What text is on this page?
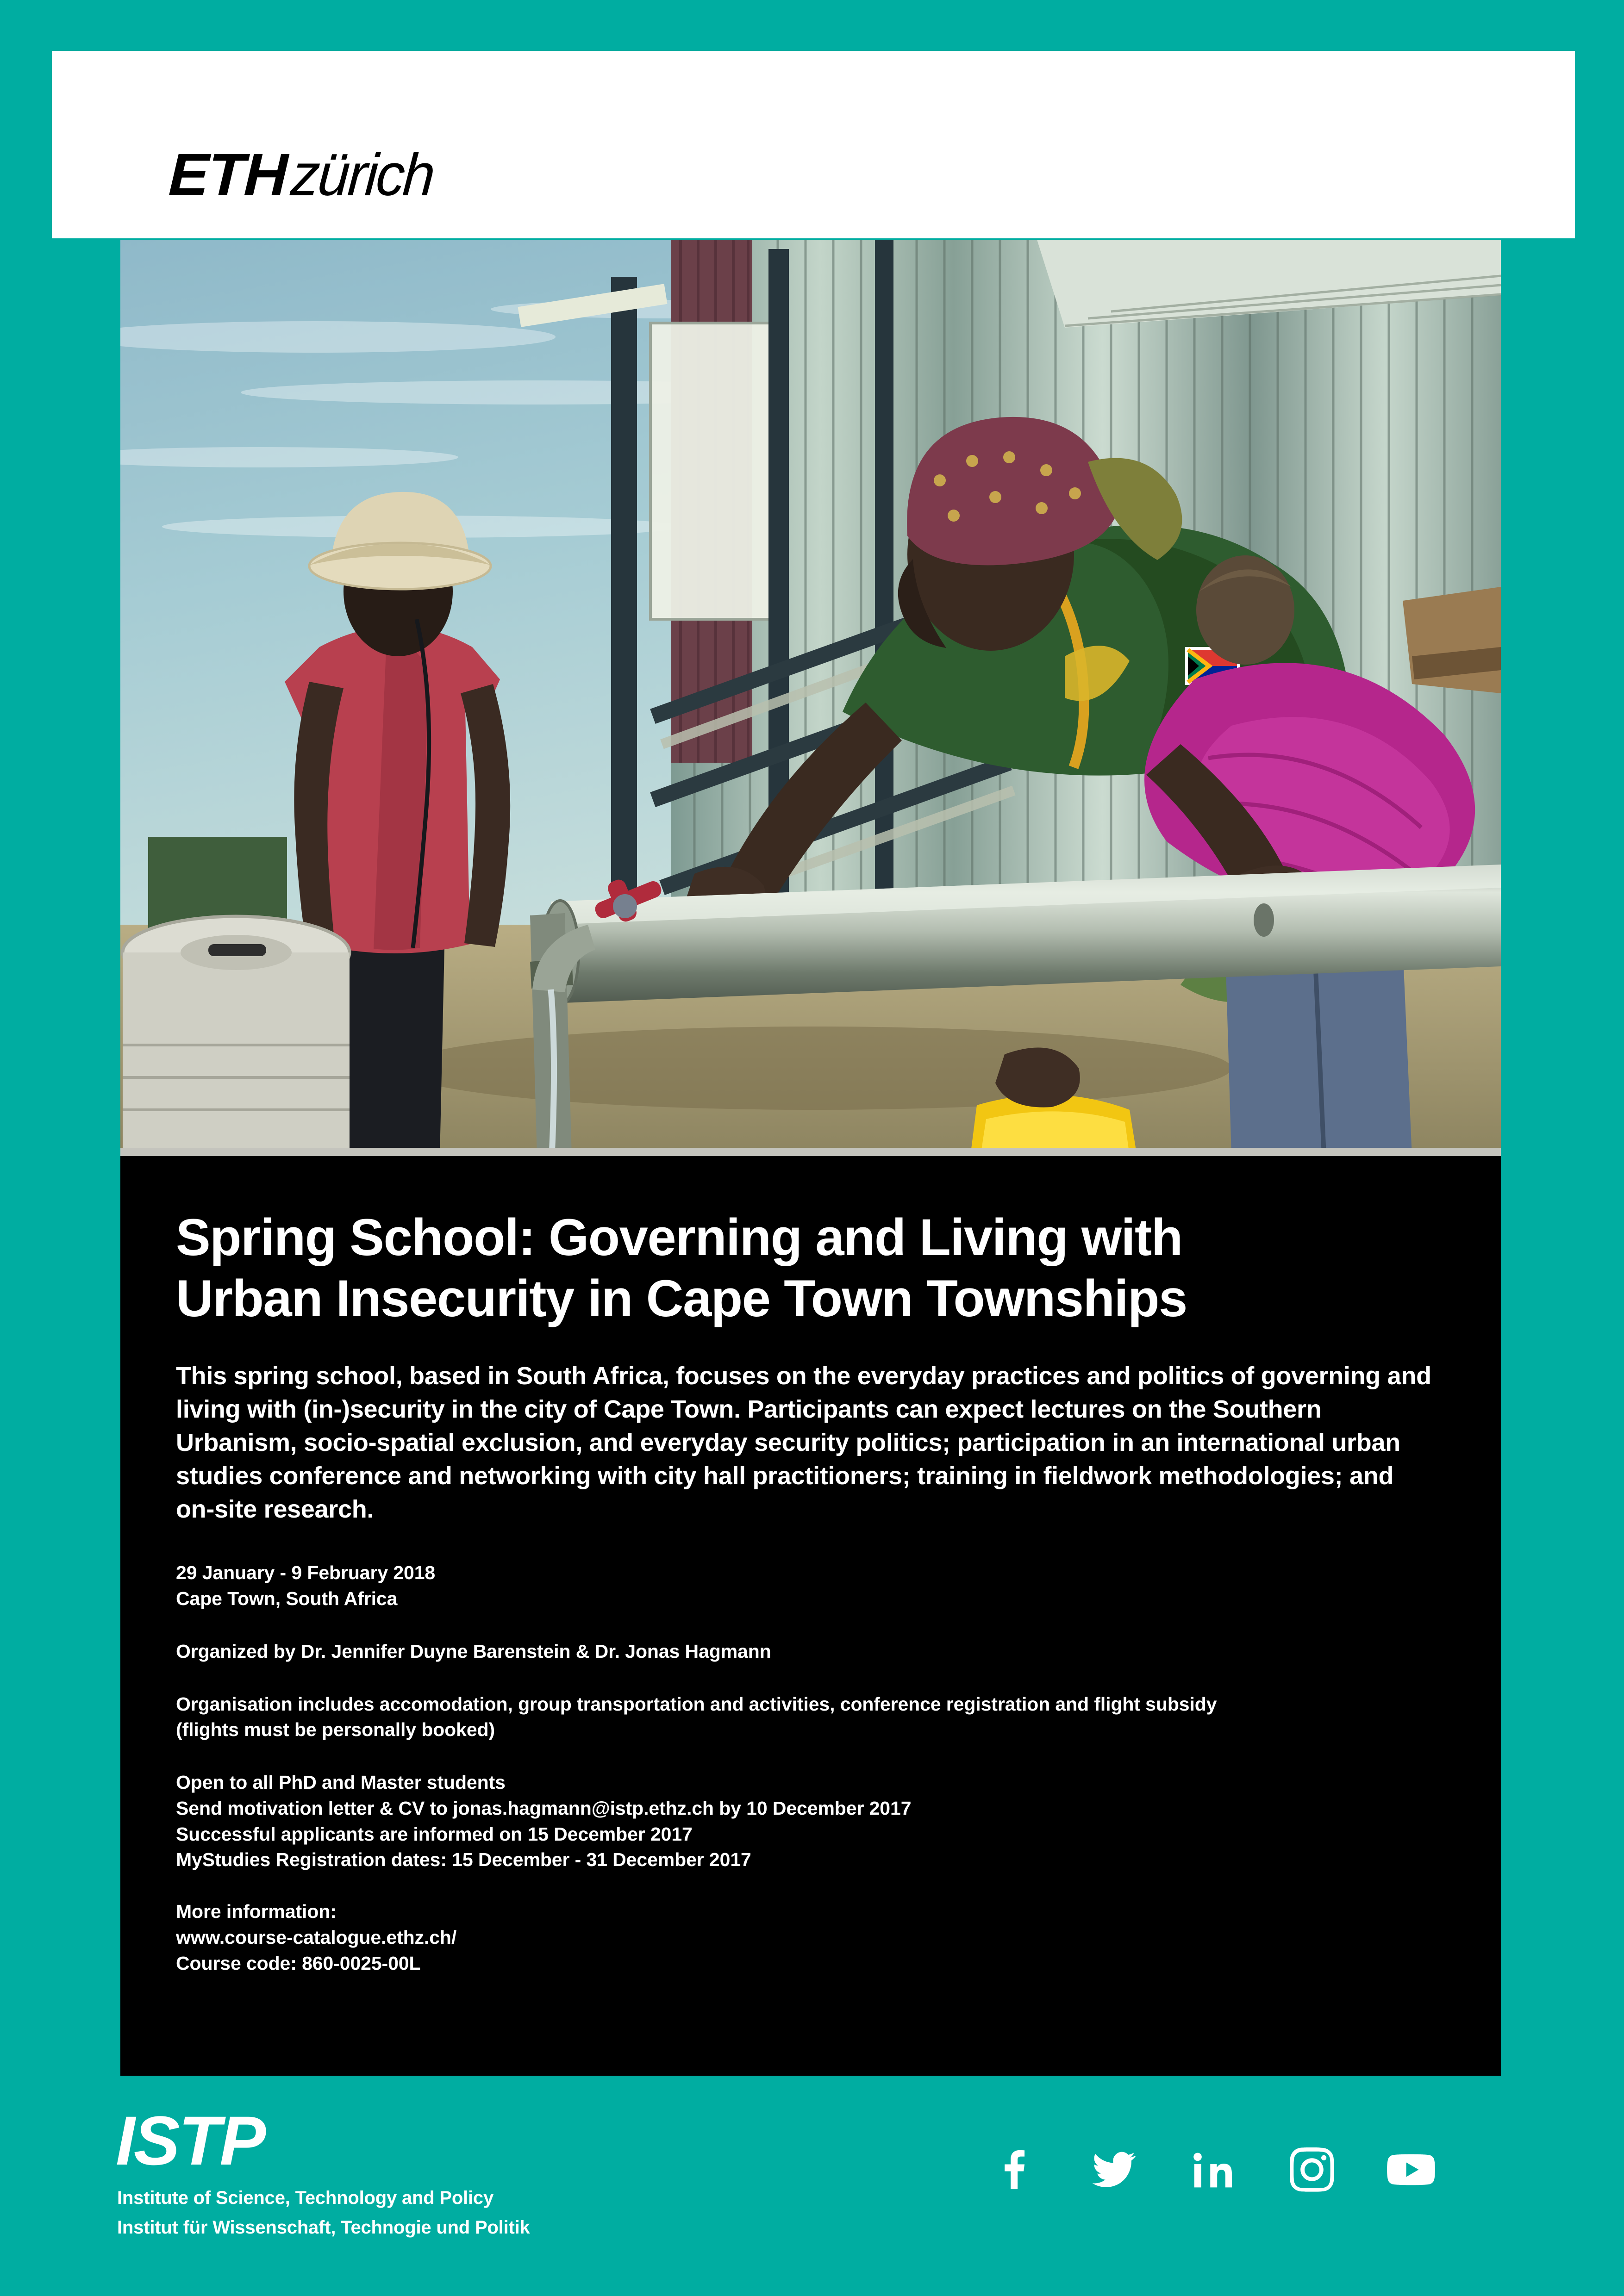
ETH zürich
Spring School: Governing and Living with
Urban Insecurity in Cape Town Townships

This spring school, based in South Africa, focuses on the everyday practices and politics of governing and living with (in-)security in the city of Cape Town. Participants can expect lectures on the Southern Urbanism, socio-spatial exclusion, and everyday security politics; participation in an international urban studies conference and networking with city hall practitioners; training in fieldwork methodologies; and on-site research.

29 January - 9 February 2018
Cape Town, South Africa
Organized by Dr. Jennifer Duyne Barenstein & Dr. Jonas Hagmann
Organisation includes accomodation, group transportation and activities, conference registration and flight subsidy
(flights must be personally booked)
Open to all PhD and Master students
Send motivation letter & CV to jonas.hagmann@istp.ethz.ch by 10 December 2017
Successful applicants are informed on 15 December 2017
MyStudies Registration dates: 15 December - 31 December 2017
More information:
www.course-catalogue.ethz.ch/
Course code: 860-0025-00L
ISTP
Institute of Science, Technology and Policy
Institut für Wissenschaft, Technogie und Politik
